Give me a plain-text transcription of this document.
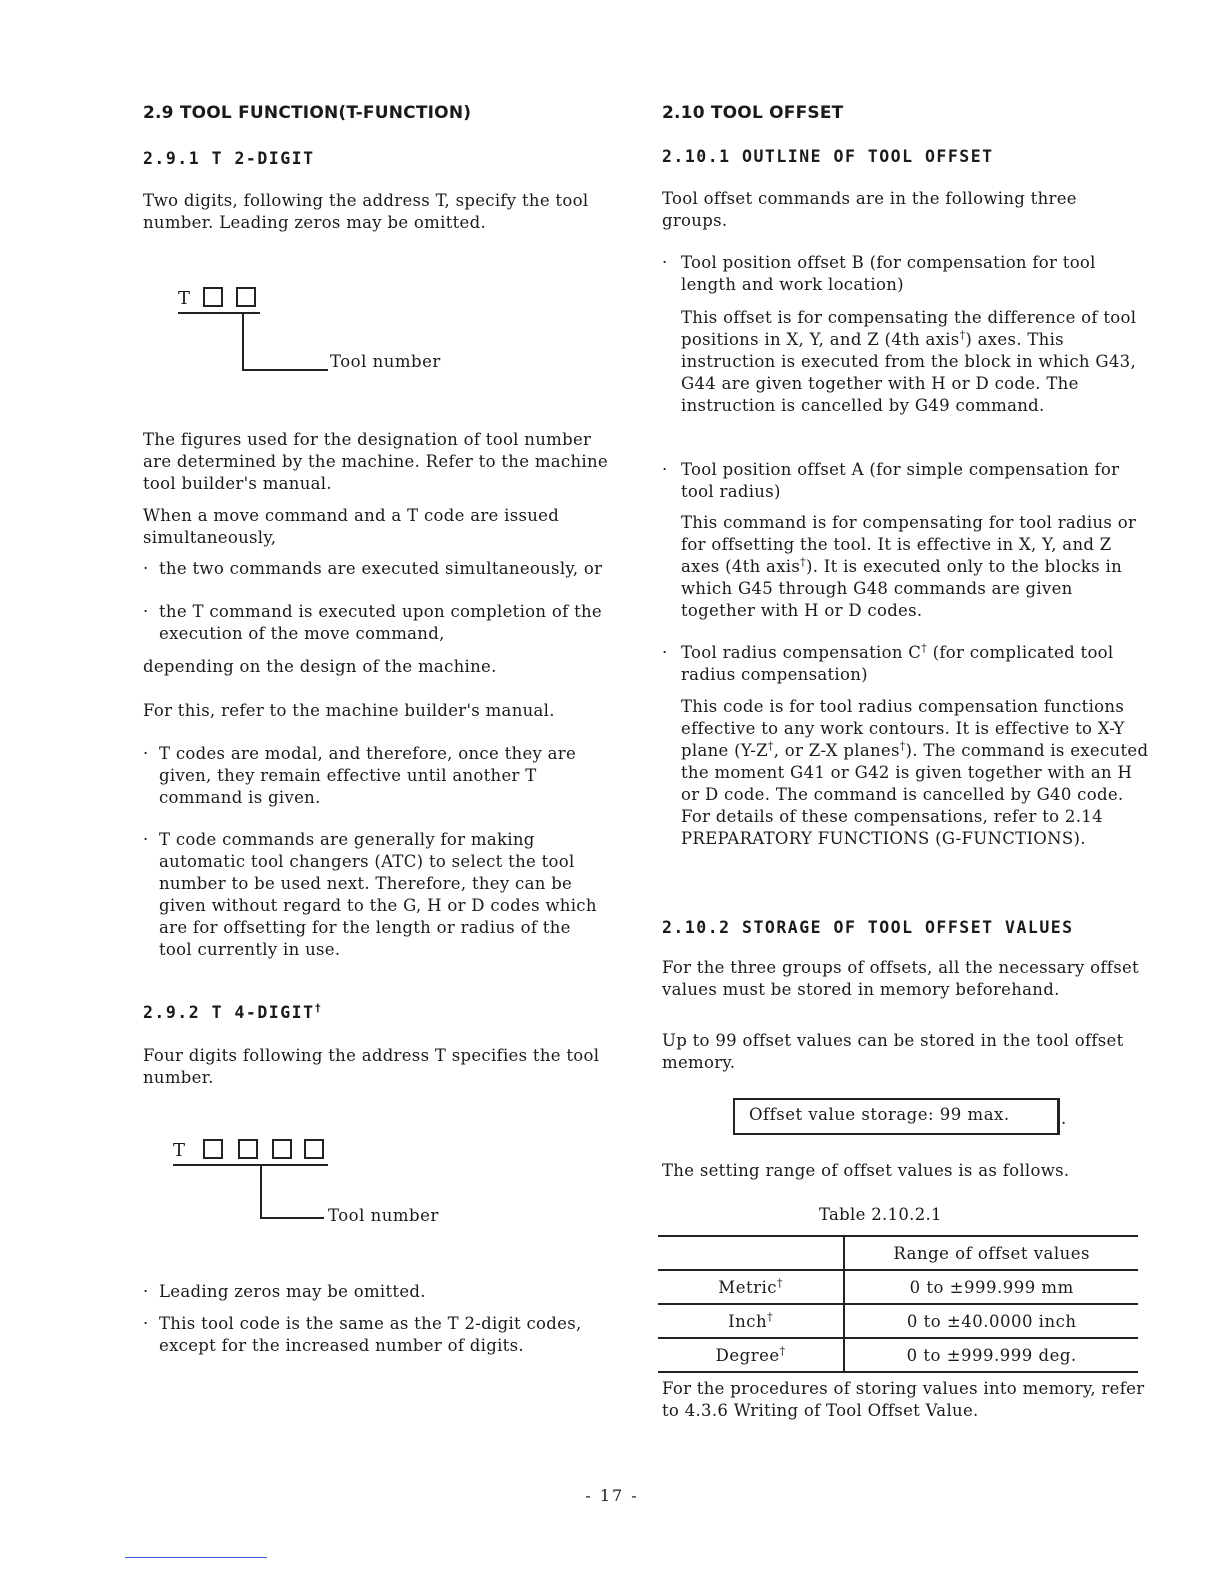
2.9 TOOL FUNCTION(T-FUNCTION)
2.9.1 T 2-DIGIT

Two digits, following the address T, specify the tool number. Leading zeros may be omitted.

T
Tool number

The figures used for the designation of tool number are determined by the machine. Refer to the machine tool builder's manual.

When a move command and a T code are issued simultaneously,

· the two commands are executed simultaneously, or
· the T command is executed upon completion of the execution of the move command,

depending on the design of the machine.

For this, refer to the machine builder's manual.

· T codes are modal, and therefore, once they are given, they remain effective until another T command is given.
· T code commands are generally for making automatic tool changers (ATC) to select the tool number to be used next. Therefore, they can be given without regard to the G, H or D codes which are for offsetting for the length or radius of the tool currently in use.
2.9.2 T 4-DIGIT†

Four digits following the address T specifies the tool number.

T
Tool number
· Leading zeros may be omitted.
· This tool code is the same as the T 2-digit codes, except for the increased number of digits.
2.10 TOOL OFFSET
2.10.1 OUTLINE OF TOOL OFFSET

Tool offset commands are in the following three groups.

· Tool position offset B (for compensation for tool length and work location)

This offset is for compensating the difference of tool positions in X, Y, and Z (4th axis†) axes. This instruction is executed from the block in which G43, G44 are given together with H or D code. The instruction is cancelled by G49 command.

· Tool position offset A (for simple compensation for tool radius)

This command is for compensating for tool radius or for offsetting the tool. It is effective in X, Y, and Z axes (4th axis†). It is executed only to the blocks in which G45 through G48 commands are given together with H or D codes.

· Tool radius compensation C† (for complicated tool radius compensation)

This code is for tool radius compensation functions effective to any work contours. It is effective to X-Y plane (Y-Z†, or Z-X planes†). The command is executed the moment G41 or G42 is given together with an H or D code. The command is cancelled by G40 code. For details of these compensations, refer to 2.14 PREPARATORY FUNCTIONS (G-FUNCTIONS).

2.10.2 STORAGE OF TOOL OFFSET VALUES

For the three groups of offsets, all the necessary offset values must be stored in memory beforehand.

Up to 99 offset values can be stored in the tool offset memory.

Offset value storage: 99 max.	.

The setting range of offset values is as follows.

Table 2.10.2.1

	Range of offset values
Metric†	0 to ±999.999 mm
Inch†	0 to ±40.0000 inch
Degree†	0 to ±999.999 deg.

For the procedures of storing values into memory, refer to 4.3.6 Writing of Tool Offset Value.

- 17 -
